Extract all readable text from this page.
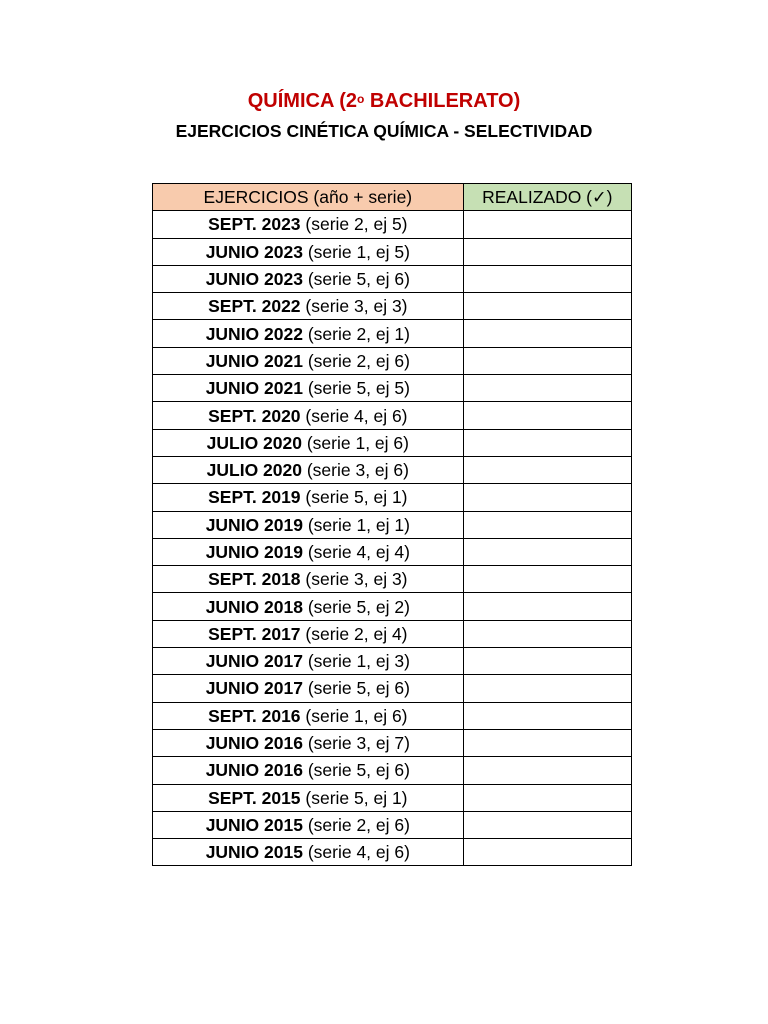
QUÍMICA (2$^o$ BACHILERATO)
EJERCICIOS CINÉTICA QUÍMICA - SELECTIVIDAD
EJERCICIOS (año + serie)	REALIZADO (✓)
SEPT. 2023 (serie 2, ej 5)	
JUNIO 2023 (serie 1, ej 5)	
JUNIO 2023 (serie 5, ej 6)	
SEPT. 2022 (serie 3, ej 3)	
JUNIO 2022 (serie 2, ej 1)	
JUNIO 2021 (serie 2, ej 6)	
JUNIO 2021 (serie 5, ej 5)	
SEPT. 2020 (serie 4, ej 6)	
JULIO 2020 (serie 1, ej 6)	
JULIO 2020 (serie 3, ej 6)	
SEPT. 2019 (serie 5, ej 1)	
JUNIO 2019 (serie 1, ej 1)	
JUNIO 2019 (serie 4, ej 4)	
SEPT. 2018 (serie 3, ej 3)	
JUNIO 2018 (serie 5, ej 2)	
SEPT. 2017 (serie 2, ej 4)	
JUNIO 2017 (serie 1, ej 3)	
JUNIO 2017 (serie 5, ej 6)	
SEPT. 2016 (serie 1, ej 6)	
JUNIO 2016 (serie 3, ej 7)	
JUNIO 2016 (serie 5, ej 6)	
SEPT. 2015 (serie 5, ej 1)	
JUNIO 2015 (serie 2, ej 6)	
JUNIO 2015 (serie 4, ej 6)	
